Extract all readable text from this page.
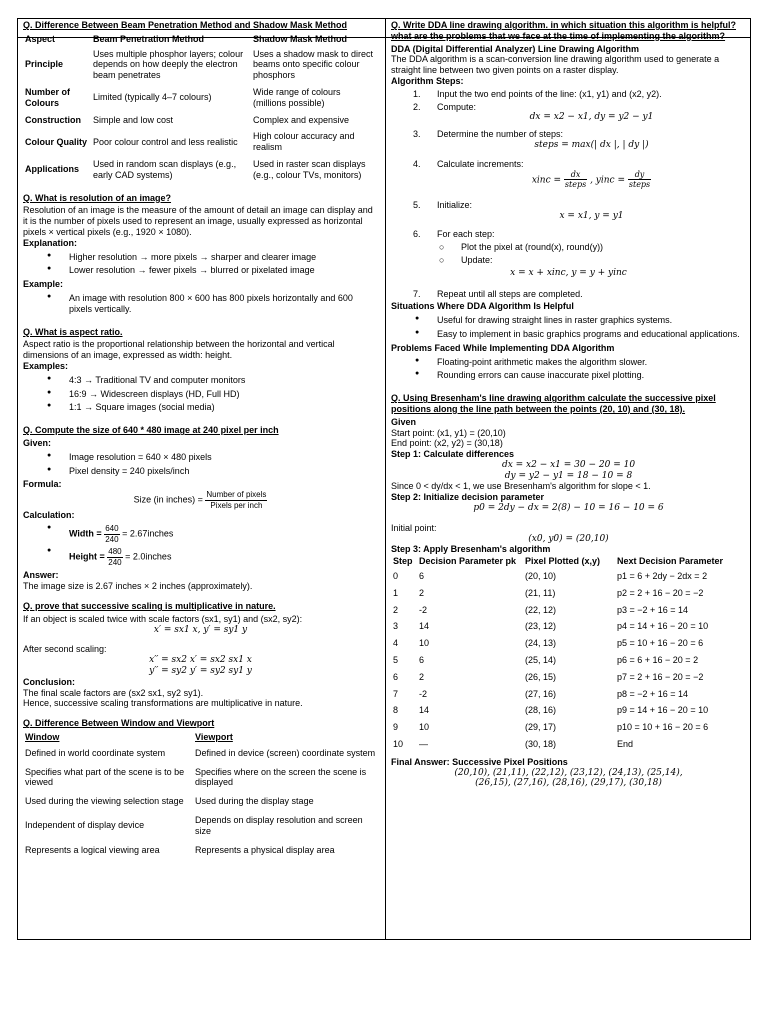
Q. Difference Between Beam Penetration Method and Shadow Mask Method

Aspect	Beam Penetration Method	Shadow Mask Method
Principle	Uses multiple phosphor layers; colour depends on how deeply the electron beam penetrates	Uses a shadow mask to direct beams onto specific colour phosphors
Number of Colours	Limited (typically 4–7 colours)	Wide range of colours (millions possible)
Construction	Simple and low cost	Complex and expensive
Colour Quality	Poor colour control and less realistic	High colour accuracy and realism
Applications	Used in random scan displays (e.g., early CAD systems)	Used in raster scan displays (e.g., colour TVs, monitors)

Q. What is resolution of an image?

Resolution of an image is the measure of the amount of detail an image can display and it is the number of pixels used to represent an image, usually expressed as horizontal pixels × vertical pixels (e.g., 1920 × 1080).

Explanation:

● Higher resolution → more pixels → sharper and clearer image
● Lower resolution → fewer pixels → blurred or pixelated image

Example:

● An image with resolution 800 × 600 has 800 pixels horizontally and 600 pixels vertically.

Q. What is aspect ratio.

Aspect ratio is the proportional relationship between the horizontal and vertical dimensions of an image, expressed as width: height.

Examples:

● 4:3 → Traditional TV and computer monitors
● 16:9 → Widescreen displays (HD, Full HD)
● 1:1 → Square images (social media)

Q. Compute the size of 640 * 480 image at 240 pixel per inch

Given:

● Image resolution = 640 × 480 pixels
● Pixel density = 240 pixels/inch

Formula:

Size (in inches) = $\frac{\text{Number of pixels}}{\text{Pixels per inch}}$

Calculation:

● Width = $\frac{640}{240}$ = 2.67inches
● Height = $\frac{480}{240}$ = 2.0inches

Answer:

The image size is 2.67 inches × 2 inches (approximately).

Q. prove that successive scaling is multiplicative in nature.

If an object is scaled twice with scale factors (sx1, sy1) and (sx2, sy2):

x′ = sx1 x, y′ = sy1 y

After second scaling:

x′′ = sx2 x′ = sx2 sx1 x

y′′ = sy2 y′ = sy2 sy1 y

Conclusion:

The final scale factors are (sx2 sx1, sy2 sy1).

Hence, successive scaling transformations are multiplicative in nature.

Q. Difference Between Window and Viewport

Window	Viewport
Defined in world coordinate system	Defined in device (screen) coordinate system
Specifies what part of the scene is to be viewed	Specifies where on the screen the scene is displayed
Used during the viewing selection stage	Used during the display stage
Independent of display device	Depends on display resolution and screen size
Represents a logical viewing area	Represents a physical display area

Q. Write DDA line drawing algorithm. in which situation this algorithm is helpful? what are the problems that we face at the time of implementing the algorithm?

DDA (Digital Differential Analyzer) Line Drawing Algorithm

The DDA algorithm is a scan-conversion line drawing algorithm used to generate a straight line between two given points on a raster display.

Algorithm Steps:

1. Input the two end points of the line: (x1, y1) and (x2, y2).
2. Compute:
dx = x2 − x1, dy = y2 − y1
3. Determine the number of steps:
steps = max(| dx |, | dy |)
4. Calculate increments:
xinc = $\frac{dx}{\text{steps}}$ , yinc = $\frac{dy}{\text{steps}}$
5. Initialize:
x = x1, y = y1
6. For each step:
○ Plot the pixel at (round(x), round(y))
○ Update:
x = x + xinc, y = y + yinc
7. Repeat until all steps are completed.

Situations Where DDA Algorithm Is Helpful

● Useful for drawing straight lines in raster graphics systems.
● Easy to implement in basic graphics programs and educational applications.

Problems Faced While Implementing DDA Algorithm

● Floating-point arithmetic makes the algorithm slower.
● Rounding errors can cause inaccurate pixel plotting.

Q. Using Bresenham's line drawing algorithm calculate the successive pixel positions along the line path between the points (20, 10) and (30, 18).

Given

Start point: (x1, y1) = (20,10)

End point: (x2, y2) = (30,18)

Step 1: Calculate differences

dx = x2 − x1 = 30 − 20 = 10

dy = y2 − y1 = 18 − 10 = 8

Since 0 < dy/dx < 1, we use Bresenham's algorithm for slope < 1.

Step 2: Initialize decision parameter

p0 = 2dy − dx = 2(8) − 10 = 16 − 10 = 6

Initial point:

(x0, y0) = (20,10)

Step 3: Apply Bresenham's algorithm

Step	Decision Parameter pk	Pixel Plotted (x,y)	Next Decision Parameter
0	6	(20, 10)	p1 = 6 + 2dy − 2dx = 2
1	2	(21, 11)	p2 = 2 + 16 − 20 = −2
2	-2	(22, 12)	p3 = −2 + 16 = 14
3	14	(23, 12)	p4 = 14 + 16 − 20 = 10
4	10	(24, 13)	p5 = 10 + 16 − 20 = 6
5	6	(25, 14)	p6 = 6 + 16 − 20 = 2
6	2	(26, 15)	p7 = 2 + 16 − 20 = −2
7	-2	(27, 16)	p8 = −2 + 16 = 14
8	14	(28, 16)	p9 = 14 + 16 − 20 = 10
9	10	(29, 17)	p10 = 10 + 16 − 20 = 6
10	—	(30, 18)	End

Final Answer: Successive Pixel Positions

(20,10), (21,11), (22,12), (23,12), (24,13), (25,14),

(26,15), (27,16), (28,16), (29,17), (30,18)
